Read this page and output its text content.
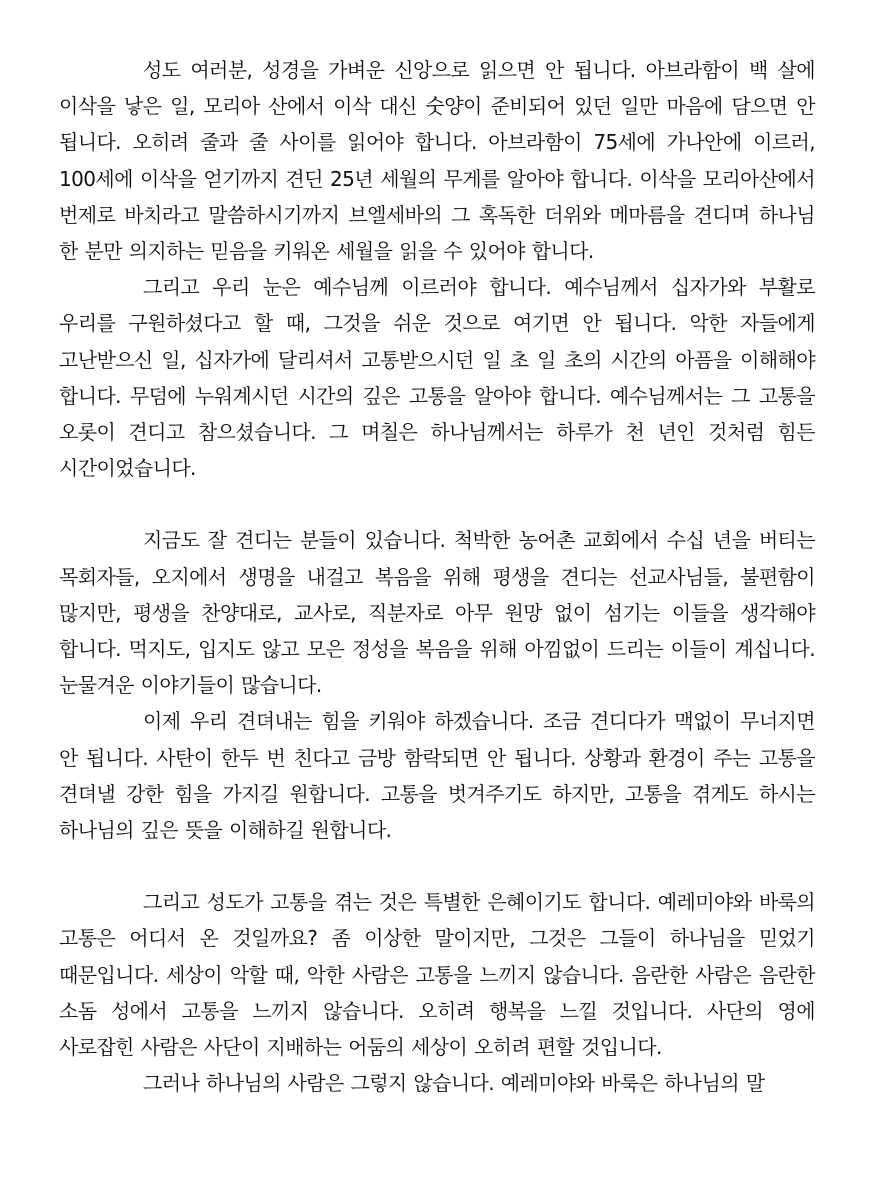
성도 여러분, 성경을 가벼운 신앙으로 읽으면 안 됩니다. 아브라함이 백 살에 이삭을 낳은 일, 모리아 산에서 이삭 대신 숫양이 준비되어 있던 일만 마음에 담으면 안 됩니다. 오히려 줄과 줄 사이를 읽어야 합니다. 아브라함이 75세에 가나안에 이르러, 100세에 이삭을 얻기까지 견딘 25년 세월의 무게를 알아야 합니다. 이삭을 모리아산에서 번제로 바치라고 말씀하시기까지 브엘세바의 그 혹독한 더위와 메마름을 견디며 하나님 한 분만 의지하는 믿음을 키워온 세월을 읽을 수 있어야 합니다.

그리고 우리 눈은 예수님께 이르러야 합니다. 예수님께서 십자가와 부활로 우리를 구원하셨다고 할 때, 그것을 쉬운 것으로 여기면 안 됩니다. 악한 자들에게 고난받으신 일, 십자가에 달리셔서 고통받으시던 일 초 일 초의 시간의 아픔을 이해해야 합니다. 무덤에 누워계시던 시간의 깊은 고통을 알아야 합니다. 예수님께서는 그 고통을 오롯이 견디고 참으셨습니다. 그 며칠은 하나님께서는 하루가 천 년인 것처럼 힘든 시간이었습니다.

지금도 잘 견디는 분들이 있습니다. 척박한 농어촌 교회에서 수십 년을 버티는 목회자들, 오지에서 생명을 내걸고 복음을 위해 평생을 견디는 선교사님들, 불편함이 많지만, 평생을 찬양대로, 교사로, 직분자로 아무 원망 없이 섬기는 이들을 생각해야 합니다. 먹지도, 입지도 않고 모은 정성을 복음을 위해 아낌없이 드리는 이들이 계십니다. 눈물겨운 이야기들이 많습니다.

이제 우리 견뎌내는 힘을 키워야 하겠습니다. 조금 견디다가 맥없이 무너지면 안 됩니다. 사탄이 한두 번 친다고 금방 함락되면 안 됩니다. 상황과 환경이 주는 고통을 견뎌낼 강한 힘을 가지길 원합니다. 고통을 벗겨주기도 하지만, 고통을 겪게도 하시는 하나님의 깊은 뜻을 이해하길 원합니다.

그리고 성도가 고통을 겪는 것은 특별한 은혜이기도 합니다. 예레미야와 바룩의 고통은 어디서 온 것일까요? 좀 이상한 말이지만, 그것은 그들이 하나님을 믿었기 때문입니다. 세상이 악할 때, 악한 사람은 고통을 느끼지 않습니다. 음란한 사람은 음란한 소돔 성에서 고통을 느끼지 않습니다. 오히려 행복을 느낄 것입니다. 사단의 영에 사로잡힌 사람은 사단이 지배하는 어둠의 세상이 오히려 편할 것입니다.

그러나 하나님의 사람은 그렇지 않습니다. 예레미야와 바룩은 하나님의 말
